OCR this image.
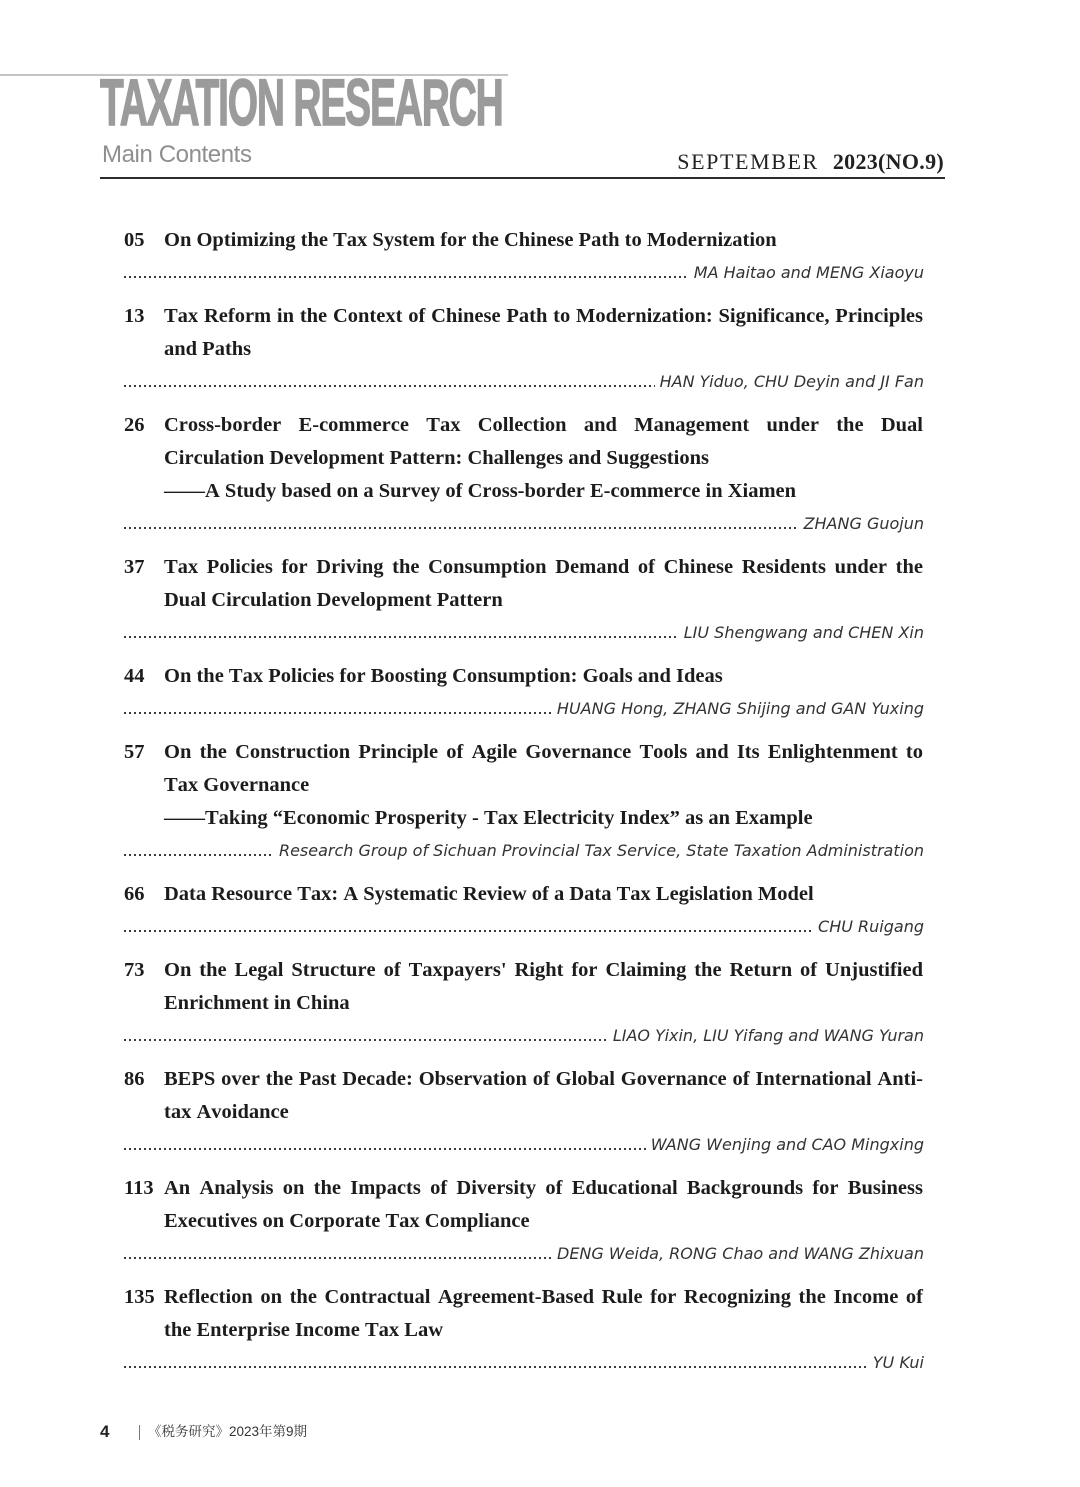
TAXATION RESEARCH
Main Contents	SEPTEMBER 2023(NO.9)
05 On Optimizing the Tax System for the Chinese Path to Modernization
MA Haitao and MENG Xiaoyu
13 Tax Reform in the Context of Chinese Path to Modernization: Significance, Principles and Paths
HAN Yiduo, CHU Deyin and JI Fan
26 Cross-border E-commerce Tax Collection and Management under the Dual Circulation Development Pattern: Challenges and Suggestions
——A Study based on a Survey of Cross-border E-commerce in Xiamen
ZHANG Guojun
37 Tax Policies for Driving the Consumption Demand of Chinese Residents under the Dual Circulation Development Pattern
LIU Shengwang and CHEN Xin
44 On the Tax Policies for Boosting Consumption: Goals and Ideas
HUANG Hong, ZHANG Shijing and GAN Yuxing
57 On the Construction Principle of Agile Governance Tools and Its Enlightenment to Tax Governance
——Taking “Economic Prosperity - Tax Electricity Index” as an Example
Research Group of Sichuan Provincial Tax Service, State Taxation Administration
66 Data Resource Tax: A Systematic Review of a Data Tax Legislation Model
CHU Ruigang
73 On the Legal Structure of Taxpayers' Right for Claiming the Return of Unjustified Enrichment in China
LIAO Yixin, LIU Yifang and WANG Yuran
86 BEPS over the Past Decade: Observation of Global Governance of International Anti-tax Avoidance
WANG Wenjing and CAO Mingxing
113 An Analysis on the Impacts of Diversity of Educational Backgrounds for Business Executives on Corporate Tax Compliance
DENG Weida, RONG Chao and WANG Zhixuan
135 Reflection on the Contractual Agreement-Based Rule for Recognizing the Income of the Enterprise Income Tax Law
YU Kui
4	《税务研究》2023年第9期
